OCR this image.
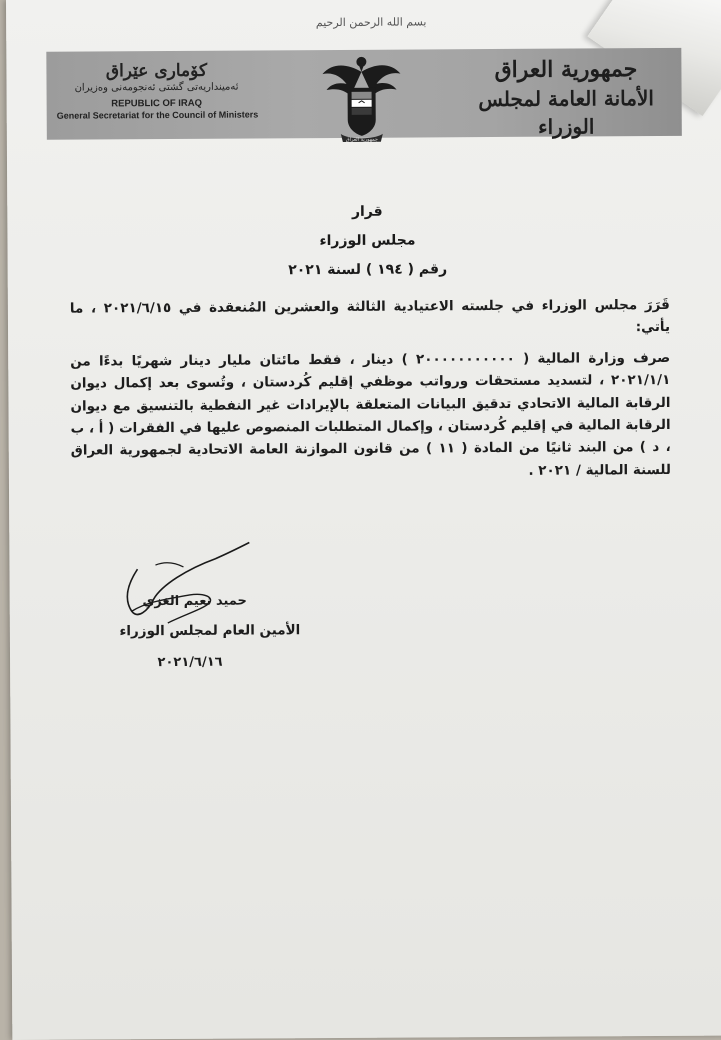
بسم الله الرحمن الرحيم
كۆمارى عێراق
ئه‌مینداریه‌تی گشتی ئه‌نجومه‌نی وه‌زیران
REPUBLIC OF IRAQ
General Secretariat for the Council of Ministers
جمهورية العراق
جمهورية العراق
الأمانة العامة لمجلس الوزراء
قرار
مجلس الوزراء
رقم ( ١٩٤ ) لسنة ٢٠٢١

قَرَرَ مجلس الوزراء في جلسته الاعتيادية الثالثة والعشرين المُنعقدة في ٢٠٢١/٦/١٥ ، ما يأتي:

صرف وزارة المالية ( ٢٠٠٠٠٠٠٠٠٠٠٠ ) دينار ، فقط مائتان مليار دينار شهريًا بدءًا من ٢٠٢١/١/١ ، لتسديد مستحقات ورواتب موظفي إقليم كُردستان ، وتُسوى بعد إكمال ديوان الرقابة المالية الاتحادي تدقيق البيانات المتعلقة بالإيرادات غير النفطية بالتنسيق مع ديوان الرقابة المالية في إقليم كُردستان ، وإكمال المتطلبات المنصوص عليها في الفقرات ( أ ، ب ، د ) من البند ثانيًا من المادة ( ١١ ) من قانون الموازنة العامة الاتحادية لجمهورية العراق للسنة المالية / ٢٠٢١ .

حميد نعيم الغزي
الأمين العام لمجلس الوزراء
٢٠٢١/٦/١٦
